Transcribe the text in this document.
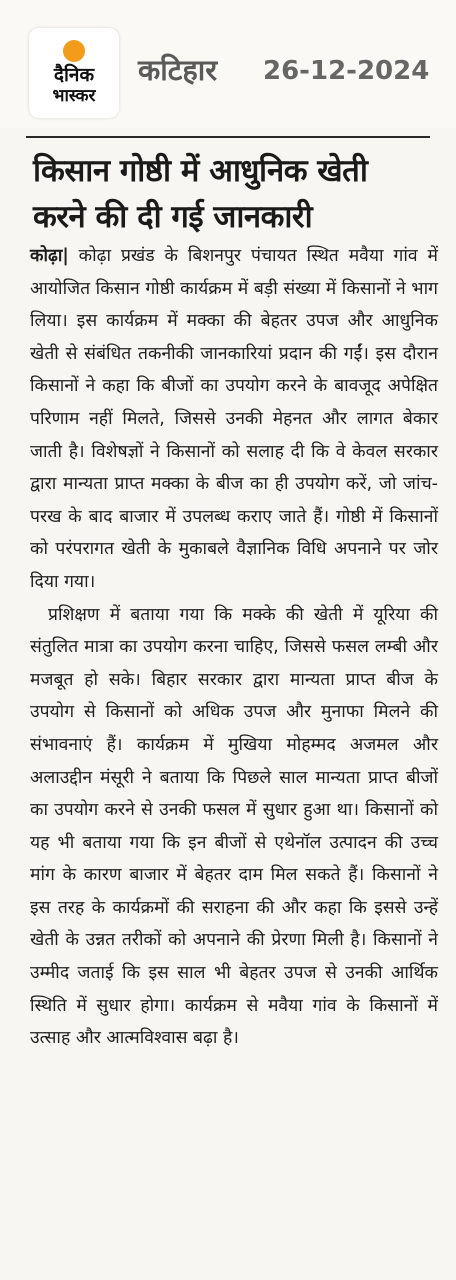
दैनिक
भास्कर
कटिहार 26-12-2024
किसान गोष्ठी में आधुनिक खेती करने की दी गई जानकारी

कोढ़ा| कोढ़ा प्रखंड के बिशनपुर पंचायत स्थित मवैया गांव में आयोजित किसान गोष्ठी कार्यक्रम में बड़ी संख्या में किसानों ने भाग लिया। इस कार्यक्रम में मक्का की बेहतर उपज और आधुनिक खेती से संबंधित तकनीकी जानकारियां प्रदान की गईं। इस दौरान किसानों ने कहा कि बीजों का उपयोग करने के बावजूद अपेक्षित परिणाम नहीं मिलते, जिससे उनकी मेहनत और लागत बेकार जाती है। विशेषज्ञों ने किसानों को सलाह दी कि वे केवल सरकार द्वारा मान्यता प्राप्त मक्का के बीज का ही उपयोग करें, जो जांच-परख के बाद बाजार में उपलब्ध कराए जाते हैं। गोष्ठी में किसानों को परंपरागत खेती के मुकाबले वैज्ञानिक विधि अपनाने पर जोर दिया गया।

प्रशिक्षण में बताया गया कि मक्के की खेती में यूरिया की संतुलित मात्रा का उपयोग करना चाहिए, जिससे फसल लम्बी और मजबूत हो सके। बिहार सरकार द्वारा मान्यता प्राप्त बीज के उपयोग से किसानों को अधिक उपज और मुनाफा मिलने की संभावनाएं हैं। कार्यक्रम में मुखिया मोहम्मद अजमल और अलाउद्दीन मंसूरी ने बताया कि पिछले साल मान्यता प्राप्त बीजों का उपयोग करने से उनकी फसल में सुधार हुआ था। किसानों को यह भी बताया गया कि इन बीजों से एथेनॉल उत्पादन की उच्च मांग के कारण बाजार में बेहतर दाम मिल सकते हैं। किसानों ने इस तरह के कार्यक्रमों की सराहना की और कहा कि इससे उन्हें खेती के उन्नत तरीकों को अपनाने की प्रेरणा मिली है। किसानों ने उम्मीद जताई कि इस साल भी बेहतर उपज से उनकी आर्थिक स्थिति में सुधार होगा। कार्यक्रम से मवैया गांव के किसानों में उत्साह और आत्मविश्वास बढ़ा है।
